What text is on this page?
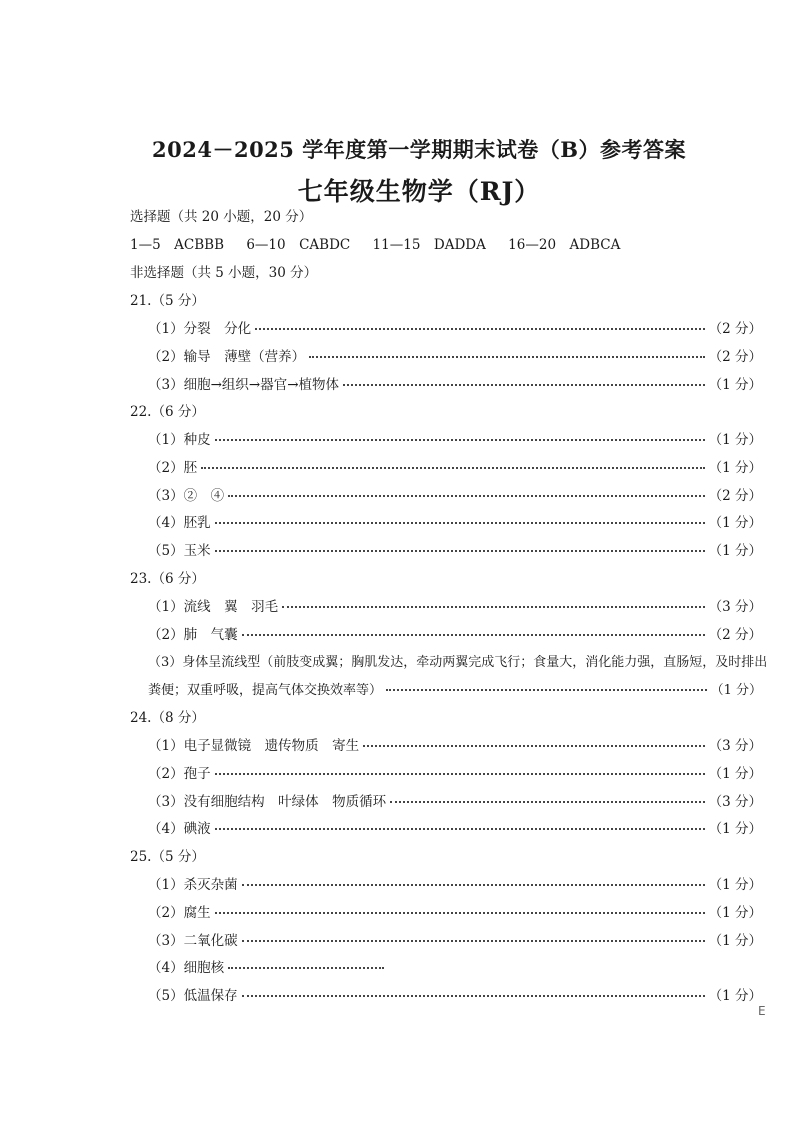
2024－2025 学年度第一学期期末试卷（B）参考答案
七年级生物学（RJ）
选择题（共 20 小题，20 分）
1—5　ACBBB 6—10　CABDC 11—15　DADDA 16—20　ADBCA
非选择题（共 5 小题，30 分）
21.（5 分）
（1）分裂　分化	（2 分）
（2）输导　薄壁（营养）	（2 分）
（3）细胞→组织→器官→植物体	（1 分）
22.（6 分）
（1）种皮	（1 分）
（2）胚	（1 分）
（3）②　④	（2 分）
（4）胚乳	（1 分）
（5）玉米	（1 分）
23.（6 分）
（1）流线　翼　羽毛	（3 分）
（2）肺　气囊	（2 分）
（3）身体呈流线型（前肢变成翼；胸肌发达，牵动两翼完成飞行；食量大，消化能力强，直肠短，及时排出
粪便；双重呼吸，提高气体交换效率等）	（1 分）
24.（8 分）
（1）电子显微镜　遗传物质　寄生	（3 分）
（2）孢子	（1 分）
（3）没有细胞结构　叶绿体　物质循环	（3 分）
（4）碘液	（1 分）
25.（5 分）
（1）杀灭杂菌	（1 分）
（2）腐生	（1 分）
（3）二氧化碳	（1 分）
（4）细胞核
（5）低温保存	（1 分）
E
